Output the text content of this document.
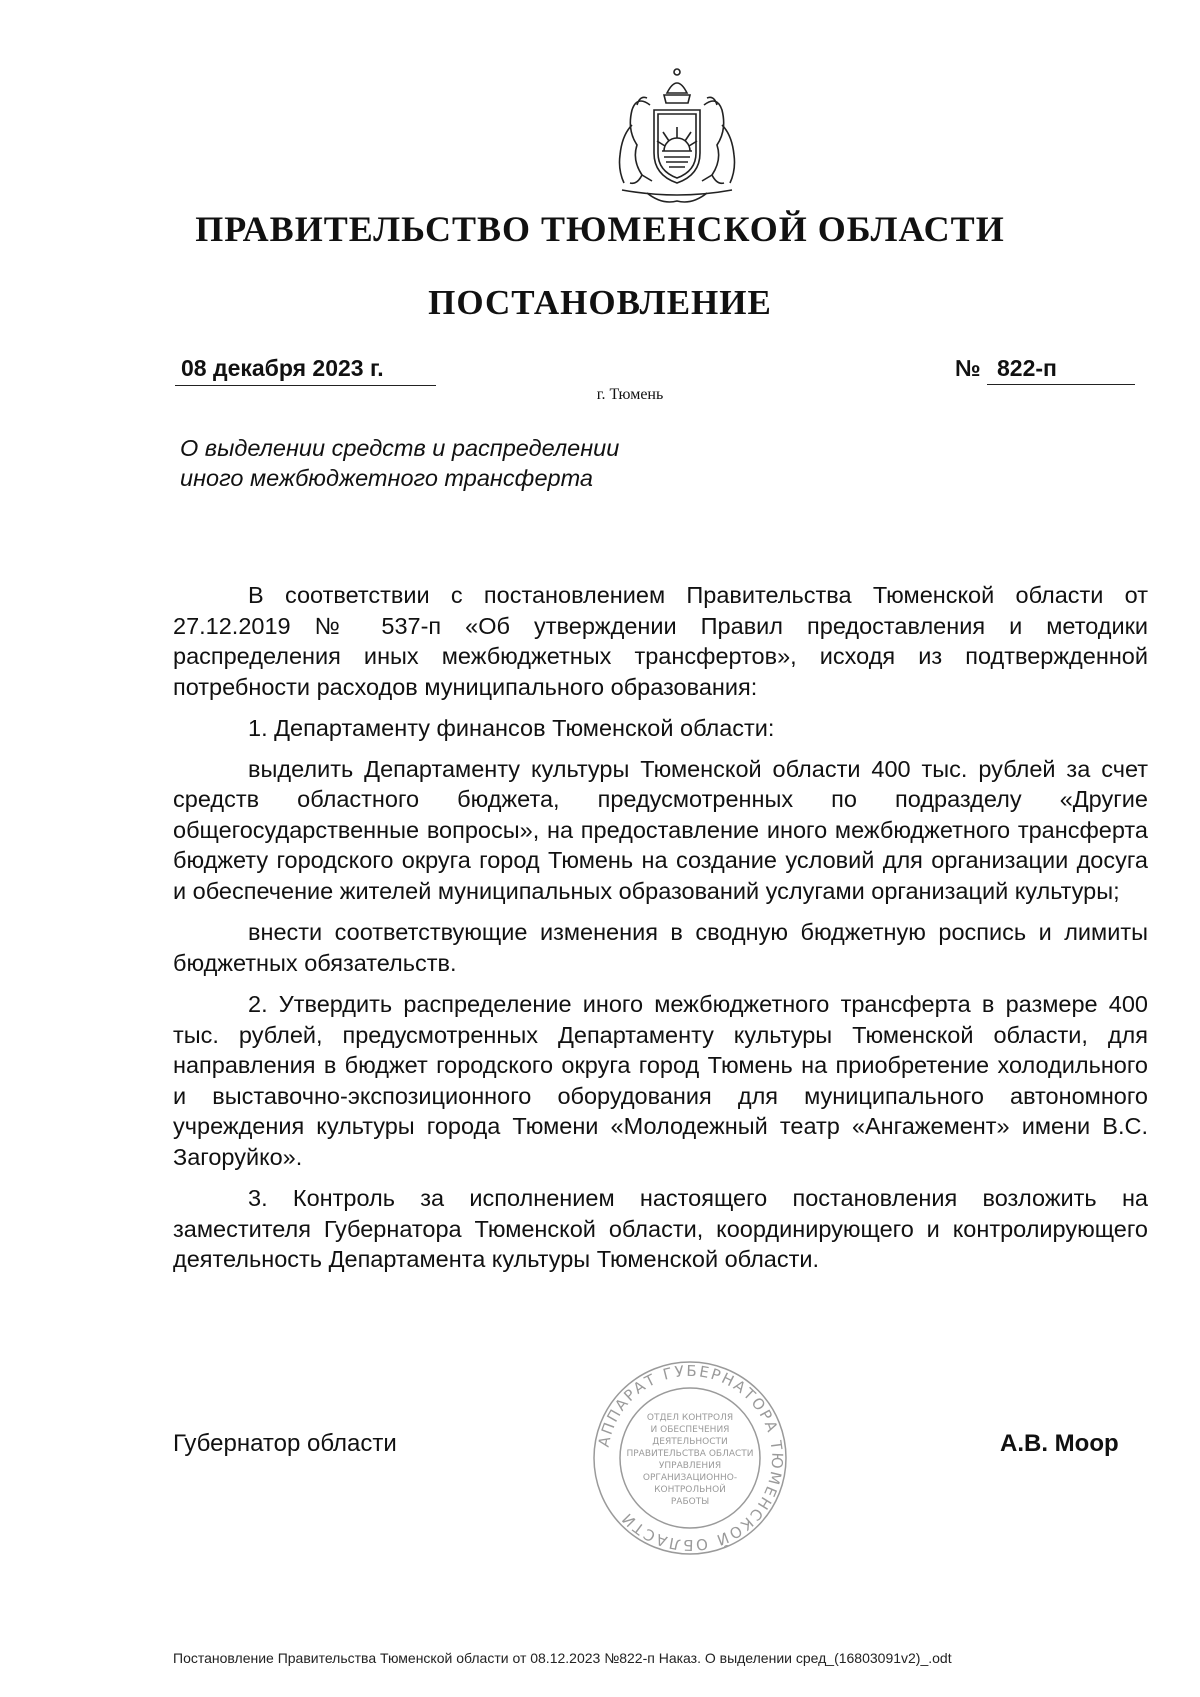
ПРАВИТЕЛЬСТВО ТЮМЕНСКОЙ ОБЛАСТИ
ПОСТАНОВЛЕНИЕ
08 декабря 2023 г.	№ 822-п
г. Тюмень
О выделении средств и распределении
иного межбюджетного трансферта

В соответствии с постановлением Правительства Тюменской области от 27.12.2019 № 537-п «Об утверждении Правил предоставления и методики распределения иных межбюджетных трансфертов», исходя из подтвержденной потребности расходов муниципального образования:

1. Департаменту финансов Тюменской области:

выделить Департаменту культуры Тюменской области 400 тыс. рублей за счет средств областного бюджета, предусмотренных по подразделу «Другие общегосударственные вопросы», на предоставление иного межбюджетного трансферта бюджету городского округа город Тюмень на создание условий для организации досуга и обеспечение жителей муниципальных образований услугами организаций культуры;

внести соответствующие изменения в сводную бюджетную роспись и лимиты бюджетных обязательств.

2. Утвердить распределение иного межбюджетного трансферта в размере 400 тыс. рублей, предусмотренных Департаменту культуры Тюменской области, для направления в бюджет городского округа город Тюмень на приобретение холодильного и выставочно-экспозиционного оборудования для муниципального автономного учреждения культуры города Тюмени «Молодежный театр «Ангажемент» имени В.С. Загоруйко».

3. Контроль за исполнением настоящего постановления возложить на заместителя Губернатора Тюменской области, координирующего и контролирующего деятельность Департамента культуры Тюменской области.

Губернатор области	АППАРАТ ГУБЕРНАТОРА ТЮМЕНСКОЙ ОБЛАСТИ
ОТДЕЛ КОНТРОЛЯ
И ОБЕСПЕЧЕНИЯ
ДЕЯТЕЛЬНОСТИ
ПРАВИТЕЛЬСТВА ОБЛАСТИ
УПРАВЛЕНИЯ
ОРГАНИЗАЦИОННО-
КОНТРОЛЬНОЙ
РАБОТЫ
А.В. Моор
Постановление Правительства Тюменской области от 08.12.2023 №822-п Наказ. О выделении сред_(16803091v2)_.odt
